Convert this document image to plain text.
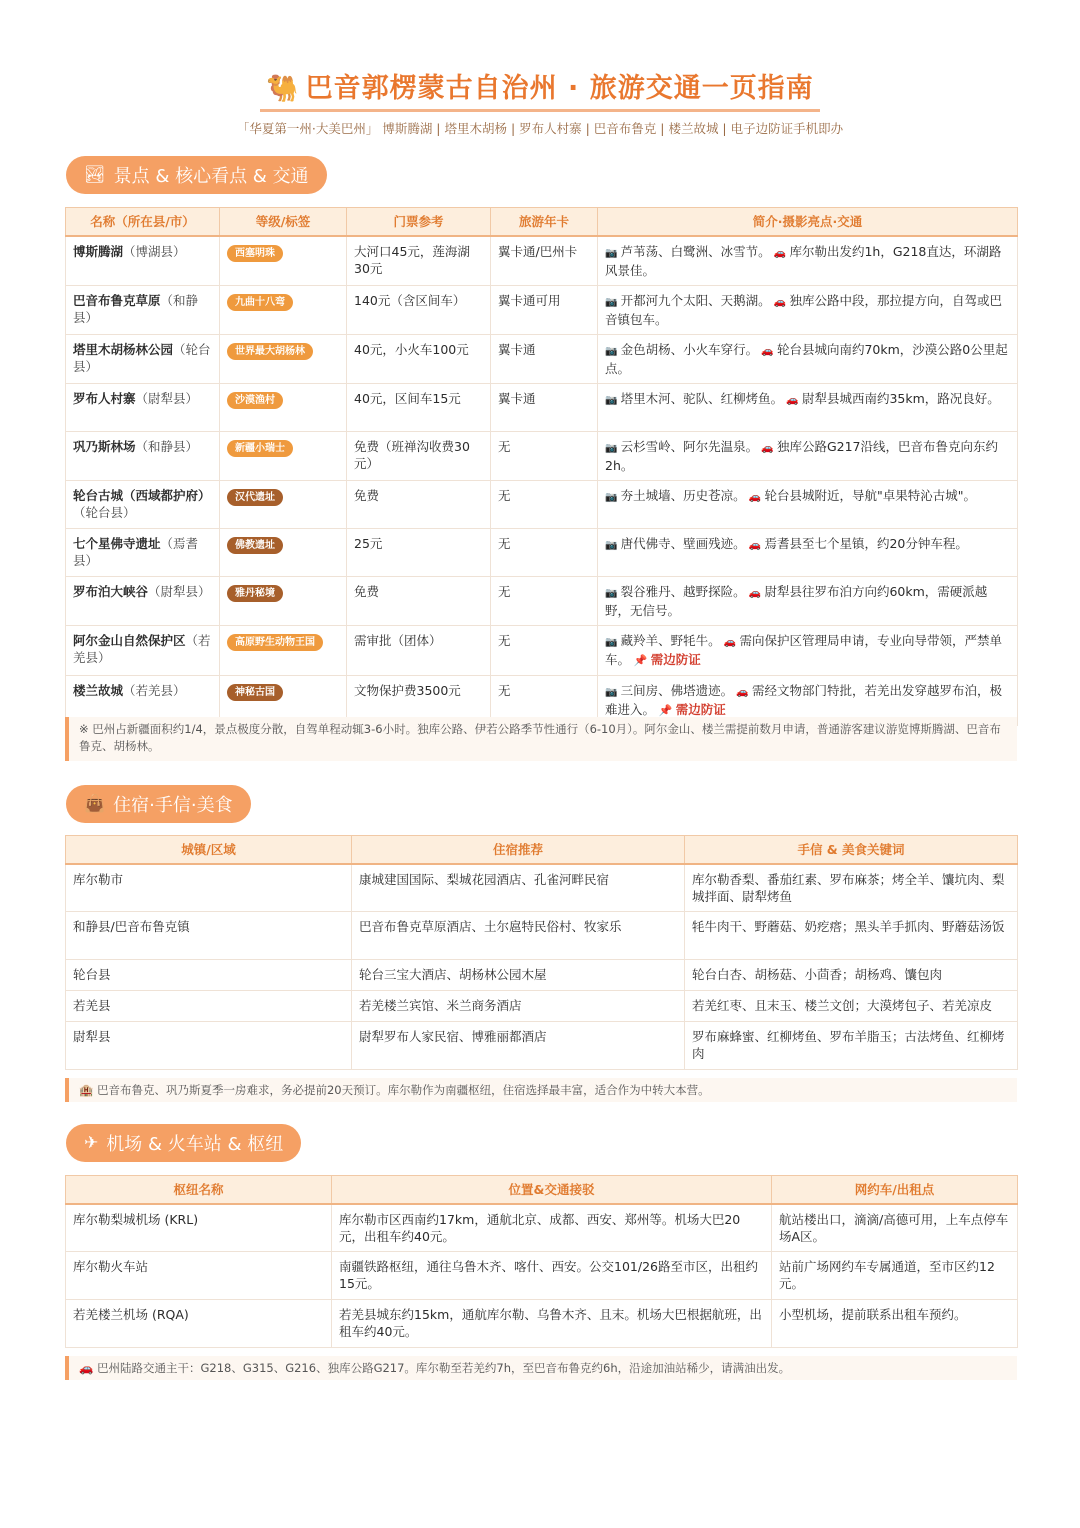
🐫 巴音郭楞蒙古自治州 · 旅游交通一页指南
「华夏第一州·大美巴州」 博斯腾湖 | 塔里木胡杨 | 罗布人村寨 | 巴音布鲁克 | 楼兰故城 | 电子边防证手机即办
🏞 景点 & 核心看点 & 交通
名称（所在县/市）	等级/标签	门票参考	旅游年卡	简介·摄影亮点·交通
博斯腾湖（博湖县）	西塞明珠	大河口45元，莲海湖30元	翼卡通/巴州卡	📷 芦苇荡、白鹭洲、冰雪节。 🚗 库尔勒出发约1h，G218直达，环湖路风景佳。
巴音布鲁克草原（和静县）	九曲十八弯	140元（含区间车）	翼卡通可用	📷 开都河九个太阳、天鹅湖。 🚗 独库公路中段，那拉提方向，自驾或巴音镇包车。
塔里木胡杨林公园（轮台县）	世界最大胡杨林	40元，小火车100元	翼卡通	📷 金色胡杨、小火车穿行。 🚗 轮台县城向南约70km，沙漠公路0公里起点。
罗布人村寨（尉犁县）	沙漠渔村	40元，区间车15元	翼卡通	📷 塔里木河、驼队、红柳烤鱼。 🚗 尉犁县城西南约35km，路况良好。
巩乃斯林场（和静县）	新疆小瑞士	免费（班禅沟收费30元）	无	📷 云杉雪岭、阿尔先温泉。 🚗 独库公路G217沿线，巴音布鲁克向东约2h。
轮台古城（西域都护府）（轮台县）	汉代遗址	免费	无	📷 夯土城墙、历史苍凉。 🚗 轮台县城附近，导航"卓果特沁古城"。
七个星佛寺遗址（焉耆县）	佛教遗址	25元	无	📷 唐代佛寺、壁画残迹。 🚗 焉耆县至七个星镇，约20分钟车程。
罗布泊大峡谷（尉犁县）	雅丹秘境	免费	无	📷 裂谷雅丹、越野探险。 🚗 尉犁县往罗布泊方向约60km，需硬派越野，无信号。
阿尔金山自然保护区（若羌县）	高原野生动物王国	需审批（团体）	无	📷 藏羚羊、野牦牛。 🚗 需向保护区管理局申请，专业向导带领，严禁单车。 📌 需边防证
楼兰故城（若羌县）	神秘古国	文物保护费3500元	无	📷 三间房、佛塔遗迹。 🚗 需经文物部门特批，若羌出发穿越罗布泊，极难进入。 📌 需边防证
※ 巴州占新疆面积约1/4，景点极度分散，自驾单程动辄3-6小时。独库公路、伊若公路季节性通行（6-10月）。阿尔金山、楼兰需提前数月申请，普通游客建议游览博斯腾湖、巴音布鲁克、胡杨林。
👜 住宿·手信·美食
城镇/区域	住宿推荐	手信 & 美食关键词
库尔勒市	康城建国国际、梨城花园酒店、孔雀河畔民宿	库尔勒香梨、番茄红素、罗布麻茶；烤全羊、馕坑肉、梨城拌面、尉犁烤鱼
和静县/巴音布鲁克镇	巴音布鲁克草原酒店、土尔扈特民俗村、牧家乐	牦牛肉干、野蘑菇、奶疙瘩；黑头羊手抓肉、野蘑菇汤饭
轮台县	轮台三宝大酒店、胡杨林公园木屋	轮台白杏、胡杨菇、小茴香；胡杨鸡、馕包肉
若羌县	若羌楼兰宾馆、米兰商务酒店	若羌红枣、且末玉、楼兰文创；大漠烤包子、若羌凉皮
尉犁县	尉犁罗布人家民宿、博雅丽都酒店	罗布麻蜂蜜、红柳烤鱼、罗布羊脂玉；古法烤鱼、红柳烤肉
🏨 巴音布鲁克、巩乃斯夏季一房难求，务必提前20天预订。库尔勒作为南疆枢纽，住宿选择最丰富，适合作为中转大本营。
✈ 机场 & 火车站 & 枢纽
枢纽名称	位置&交通接驳	网约车/出租点
库尔勒梨城机场 (KRL)	库尔勒市区西南约17km，通航北京、成都、西安、郑州等。机场大巴20元，出租车约40元。	航站楼出口，滴滴/高德可用，上车点停车场A区。
库尔勒火车站	南疆铁路枢纽，通往乌鲁木齐、喀什、西安。公交101/26路至市区，出租约15元。	站前广场网约车专属通道，至市区约12元。
若羌楼兰机场 (RQA)	若羌县城东约15km，通航库尔勒、乌鲁木齐、且末。机场大巴根据航班，出租车约40元。	小型机场，提前联系出租车预约。
🚗 巴州陆路交通主干：G218、G315、G216、独库公路G217。库尔勒至若羌约7h，至巴音布鲁克约6h，沿途加油站稀少，请满油出发。
